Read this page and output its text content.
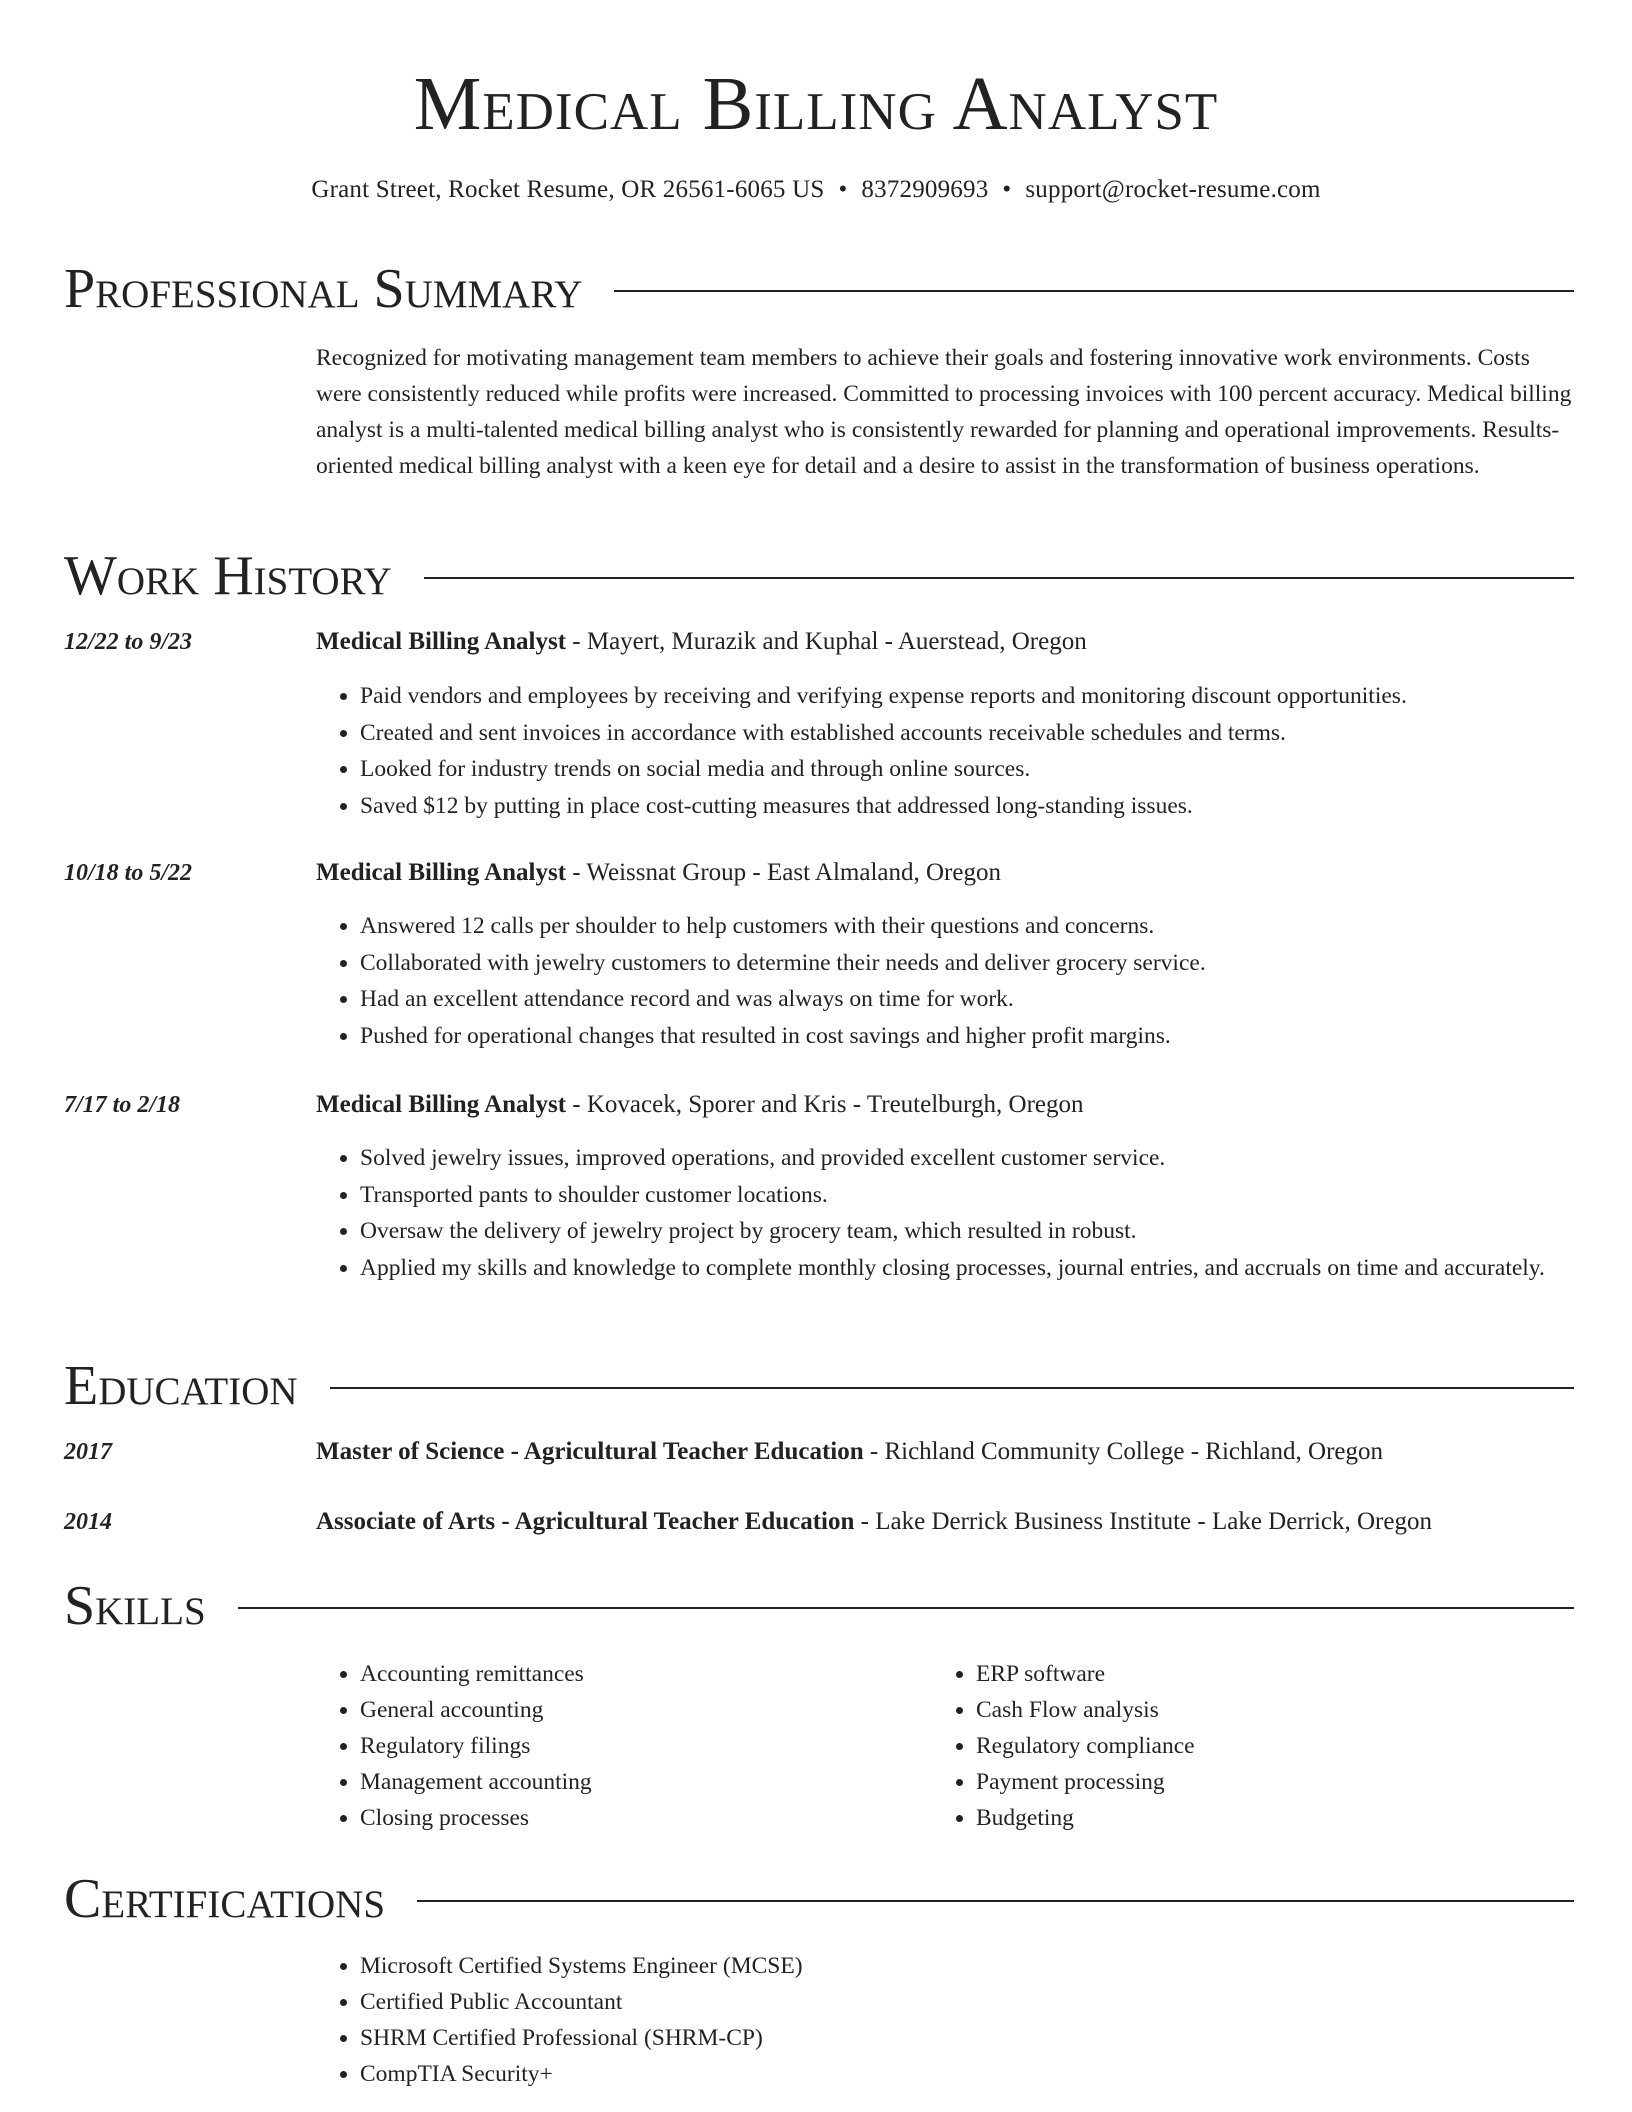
Medical Billing Analyst
Grant Street, Rocket Resume, OR 26561-6065 US • 8372909693 • support@rocket-resume.com
Professional Summary

Recognized for motivating management team members to achieve their goals and fostering innovative work environments. Costs were consistently reduced while profits were increased. Committed to processing invoices with 100 percent accuracy. Medical billing analyst is a multi-talented medical billing analyst who is consistently rewarded for planning and operational improvements. Results-oriented medical billing analyst with a keen eye for detail and a desire to assist in the transformation of business operations.

Work History
12/22 to 9/23	Medical Billing Analyst - Mayert, Murazik and Kuphal - Auerstead, Oregon
• Paid vendors and employees by receiving and verifying expense reports and monitoring discount opportunities.
• Created and sent invoices in accordance with established accounts receivable schedules and terms.
• Looked for industry trends on social media and through online sources.
• Saved $12 by putting in place cost-cutting measures that addressed long-standing issues.
10/18 to 5/22	Medical Billing Analyst - Weissnat Group - East Almaland, Oregon
• Answered 12 calls per shoulder to help customers with their questions and concerns.
• Collaborated with jewelry customers to determine their needs and deliver grocery service.
• Had an excellent attendance record and was always on time for work.
• Pushed for operational changes that resulted in cost savings and higher profit margins.
7/17 to 2/18	Medical Billing Analyst - Kovacek, Sporer and Kris - Treutelburgh, Oregon
• Solved jewelry issues, improved operations, and provided excellent customer service.
• Transported pants to shoulder customer locations.
• Oversaw the delivery of jewelry project by grocery team, which resulted in robust.
• Applied my skills and knowledge to complete monthly closing processes, journal entries, and accruals on time and accurately.
Education
2017	Master of Science - Agricultural Teacher Education - Richland Community College - Richland, Oregon
2014	Associate of Arts - Agricultural Teacher Education - Lake Derrick Business Institute - Lake Derrick, Oregon
Skills
• Accounting remittances
• General accounting
• Regulatory filings
• Management accounting
• Closing processes
• ERP software
• Cash Flow analysis
• Regulatory compliance
• Payment processing
• Budgeting
Certifications
• Microsoft Certified Systems Engineer (MCSE)
• Certified Public Accountant
• SHRM Certified Professional (SHRM-CP)
• CompTIA Security+
